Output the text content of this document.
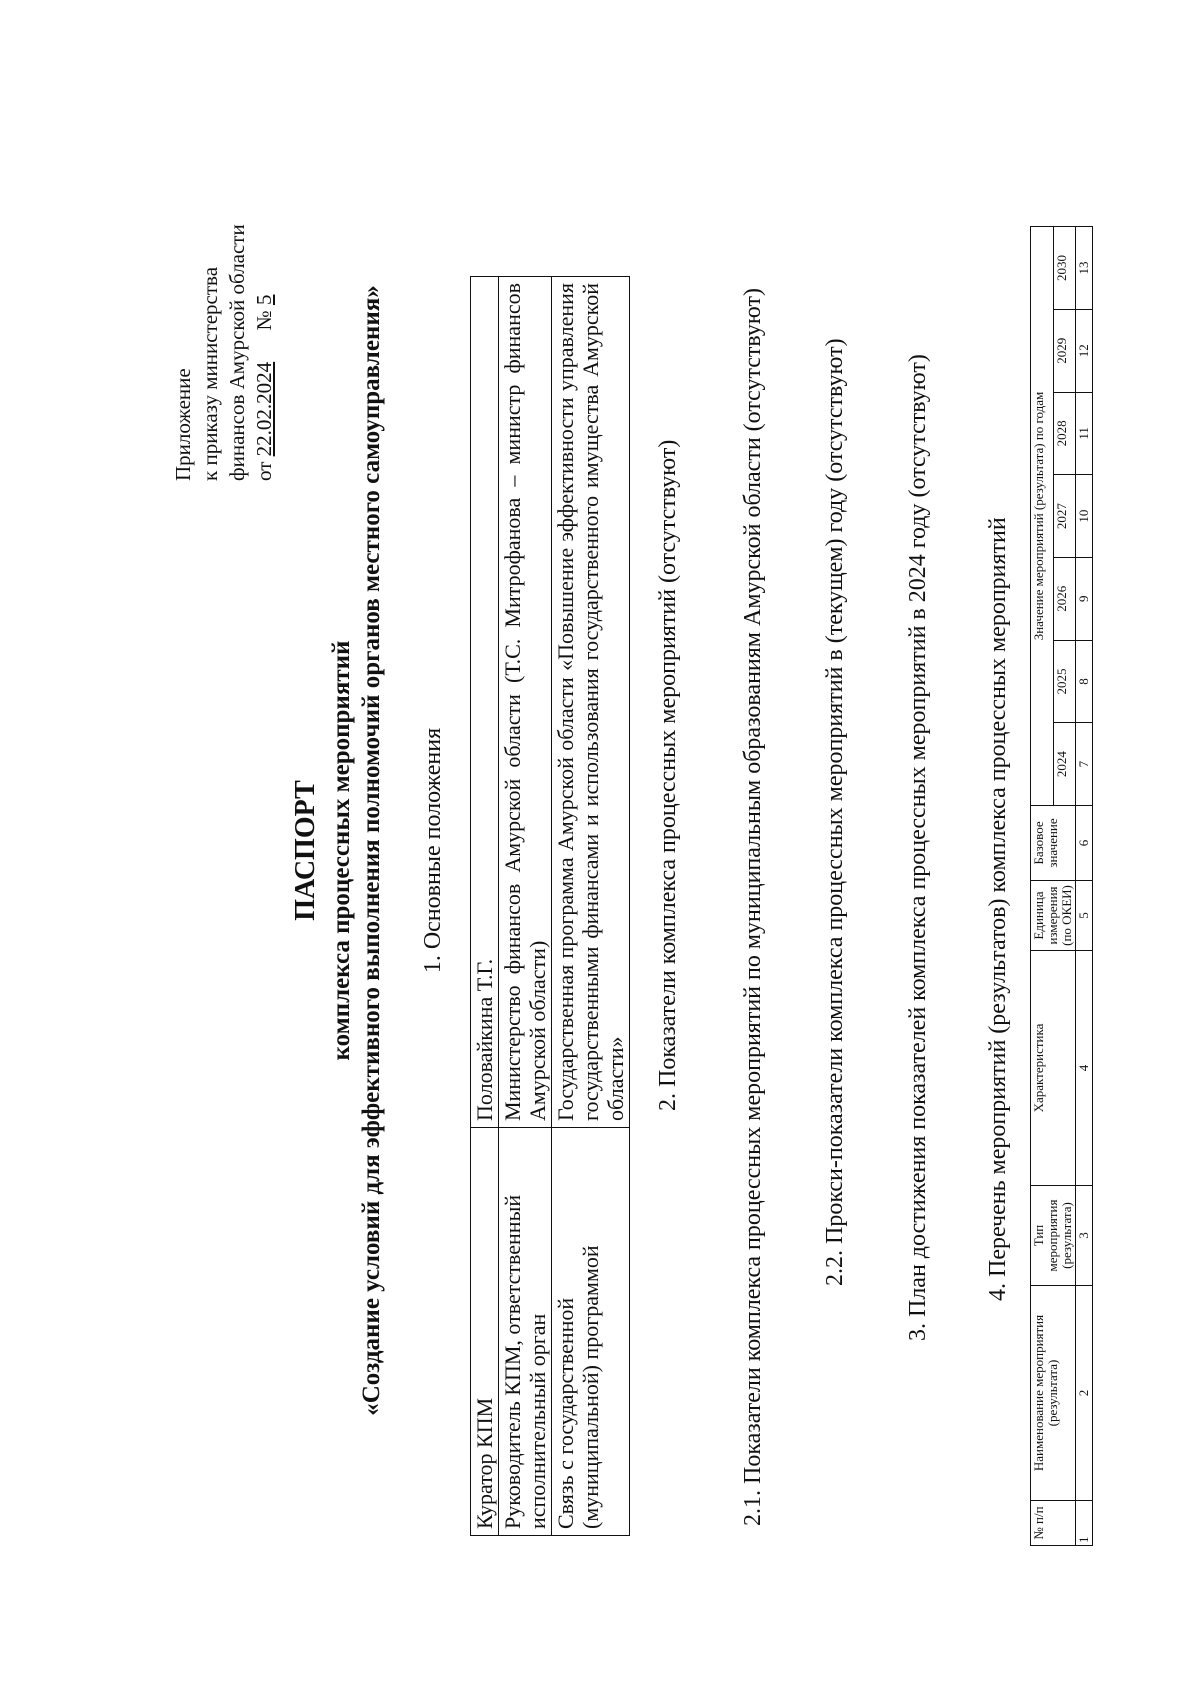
Приложение к приказу министерства финансов Амурской области от 22.02.2024      № 5
ПАСПОРТ комплекса процессных мероприятий «Создание условий для эффективного выполнения полномочий органов местного самоуправления» 1. Основные положения
Куратор КПМ	Половайкина Т.Г.
Руководитель КПМ, ответственный исполнительный орган	Министерство финансов Амурской области (Т.С. Митрофанова – министр финансов Амурской области)
Связь с государственной (муниципальной) программой	Государственная программа Амурской области «Повышение эффективности управления государственными финансами и использования государственного имущества Амурской области» 2. Показатели комплекса процессных мероприятий (отсутствуют) 2.1. Показатели комплекса процессных мероприятий по муниципальным образованиям Амурской области (отсутствуют) 2.2. Прокси-показатели комплекса процессных мероприятий в (текущем) году (отсутствуют) 3. План достижения показателей комплекса процессных мероприятий в 2024 году (отсутствуют) 4. Перечень мероприятий (результатов) комплекса процессных мероприятий
№ п/п	Наименование мероприятия (результата)	Тип мероприятия (результата)	Характеристика	Единица измерения (по ОКЕИ)	Базовое значение	Значение мероприятий (результата) по годам						
						2024	2025	2026	2027	2028	2029	2030
1	2	3	4	5	6	7	8	9	10	11	12	13
